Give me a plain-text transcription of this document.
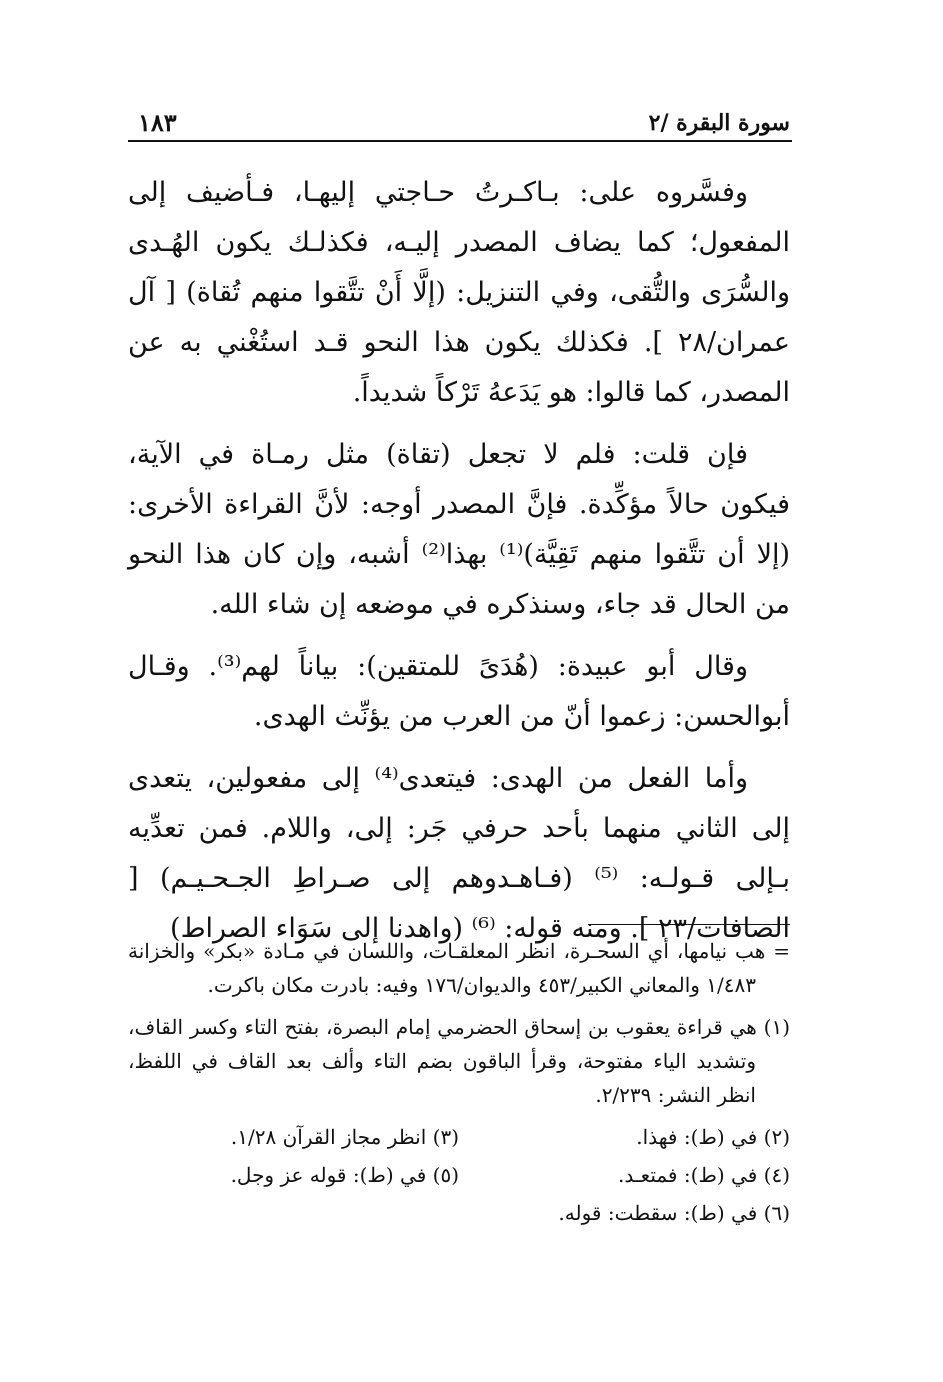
سورة البقرة /٢
١٨٣

وفسَّروه على: بـاكـرتُ حـاجتي إليهـا، فـأضيف إلى المفعول؛ كما يضاف المصدر إليـه، فكذلـك يكون الهُـدى والسُّرَى والتُّقى، وفي التنزيل: (إلَّا أَنْ تتَّقوا منهم تُقاة) [ آل عمران/٢٨ ]. فكذلك يكون هذا النحو قـد استُغْني به عن المصدر، كما قالوا: هو يَدَعهُ تَرْكاً شديداً.

فإن قلت: فلم لا تجعل (تقاة) مثل رمـاة في الآية، فيكون حالاً مؤكِّدة. فإنَّ المصدر أوجه: لأنَّ القراءة الأخرى: (إلا أن تتَّقوا منهم تَقِيَّة)⁽¹⁾ بهذا⁽²⁾ أشبه، وإن كان هذا النحو من الحال قد جاء، وسنذكره في موضعه إن شاء الله.

وقال أبو عبيدة: (هُدَىً للمتقين): بياناً لهم⁽³⁾. وقـال أبوالحسن: زعموا أنّ من العرب من يؤنِّث الهدى.

وأما الفعل من الهدى: فيتعدى⁽⁴⁾ إلى مفعولين، يتعدى إلى الثاني منهما بأحد حرفي جَر: إلى، واللام. فمن تعدِّيه بـإلى قـولـه: ⁽⁵⁾ (فـاهـدوهم إلى صـراطِ الجـحـيـم) [ الصافات/٢٣ ]. ومنه قوله: ⁽⁶⁾ (واهدنا إلى سَوَاء الصراط)

= هب نيامها، أي السحـرة، انظر المعلقـات، واللسان في مـادة «بكر» والخزانة ١/٤٨٣ والمعاني الكبير/٤٥٣ والديوان/١٧٦ وفيه: بادرت مكان باكرت.
(١) هي قراءة يعقوب بن إسحاق الحضرمي إمام البصرة، بفتح التاء وكسر القاف، وتشديد الياء مفتوحة، وقرأ الباقون بضم التاء وألف بعد القاف في اللفظ، انظر النشر: ٢/٢٣٩.
(٢) في (ط): فهذا.
(٣) انظر مجاز القرآن ١/٢٨.
(٤) في (ط): فمتعـد.
(٥) في (ط): قوله عز وجل.
(٦) في (ط): سقطت: قوله.
